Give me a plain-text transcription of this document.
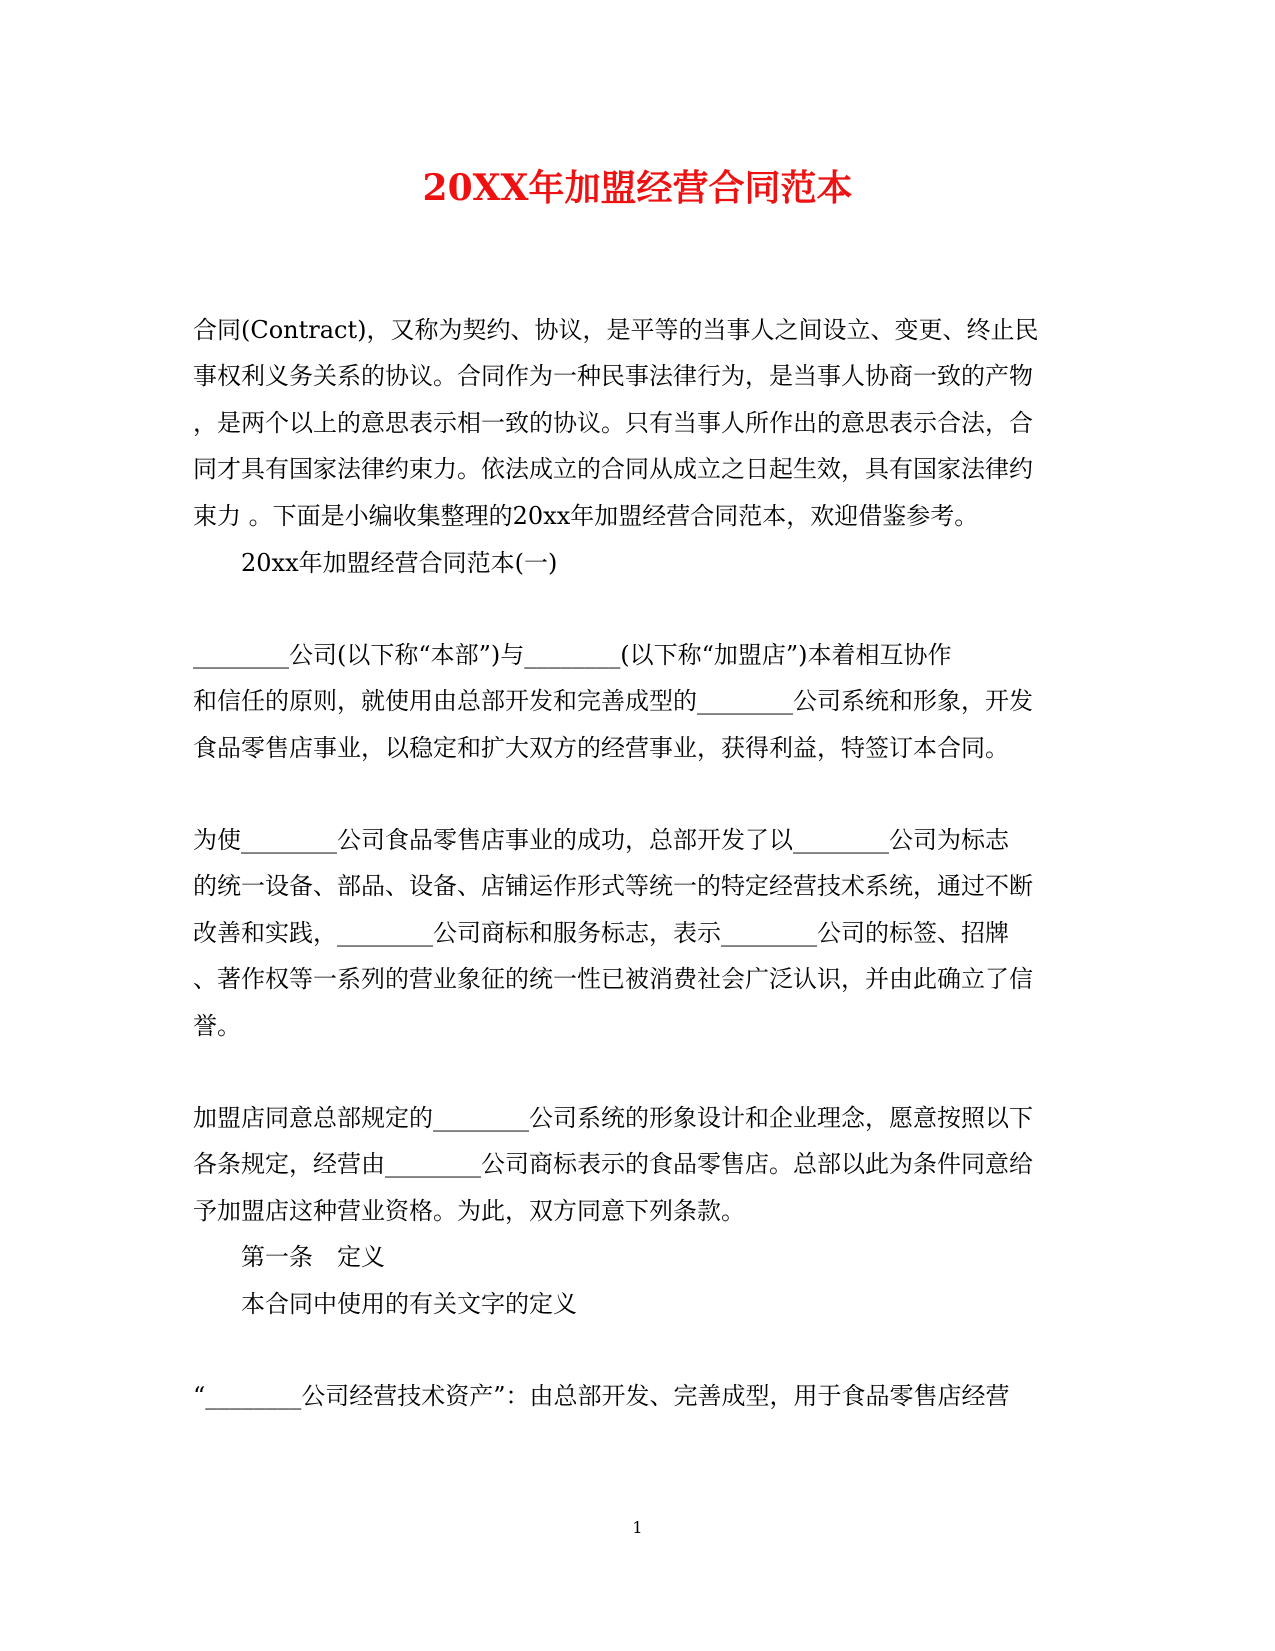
20XX年加盟经营合同范本
合同(Contract)，又称为契约、协议，是平等的当事人之间设立、变更、终止民
事权利义务关系的协议。合同作为一种民事法律行为，是当事人协商一致的产物
，是两个以上的意思表示相一致的协议。只有当事人所作出的意思表示合法，合
同才具有国家法律约束力。依法成立的合同从成立之日起生效，具有国家法律约
束力 。下面是小编收集整理的20xx年加盟经营合同范本，欢迎借鉴参考。
20xx年加盟经营合同范本(一)
________公司(以下称“本部”)与________(以下称“加盟店”)本着相互协作
和信任的原则，就使用由总部开发和完善成型的________公司系统和形象，开发
食品零售店事业，以稳定和扩大双方的经营事业，获得利益，特签订本合同。
为使________公司食品零售店事业的成功，总部开发了以________公司为标志
的统一设备、部品、设备、店铺运作形式等统一的特定经营技术系统，通过不断
改善和实践，________公司商标和服务标志，表示________公司的标签、招牌
、著作权等一系列的营业象征的统一性已被消费社会广泛认识，并由此确立了信
誉。
加盟店同意总部规定的________公司系统的形象设计和企业理念，愿意按照以下
各条规定，经营由________公司商标表示的食品零售店。总部以此为条件同意给
予加盟店这种营业资格。为此，双方同意下列条款。
第一条　定义
本合同中使用的有关文字的定义
“________公司经营技术资产”：由总部开发、完善成型，用于食品零售店经营
1
